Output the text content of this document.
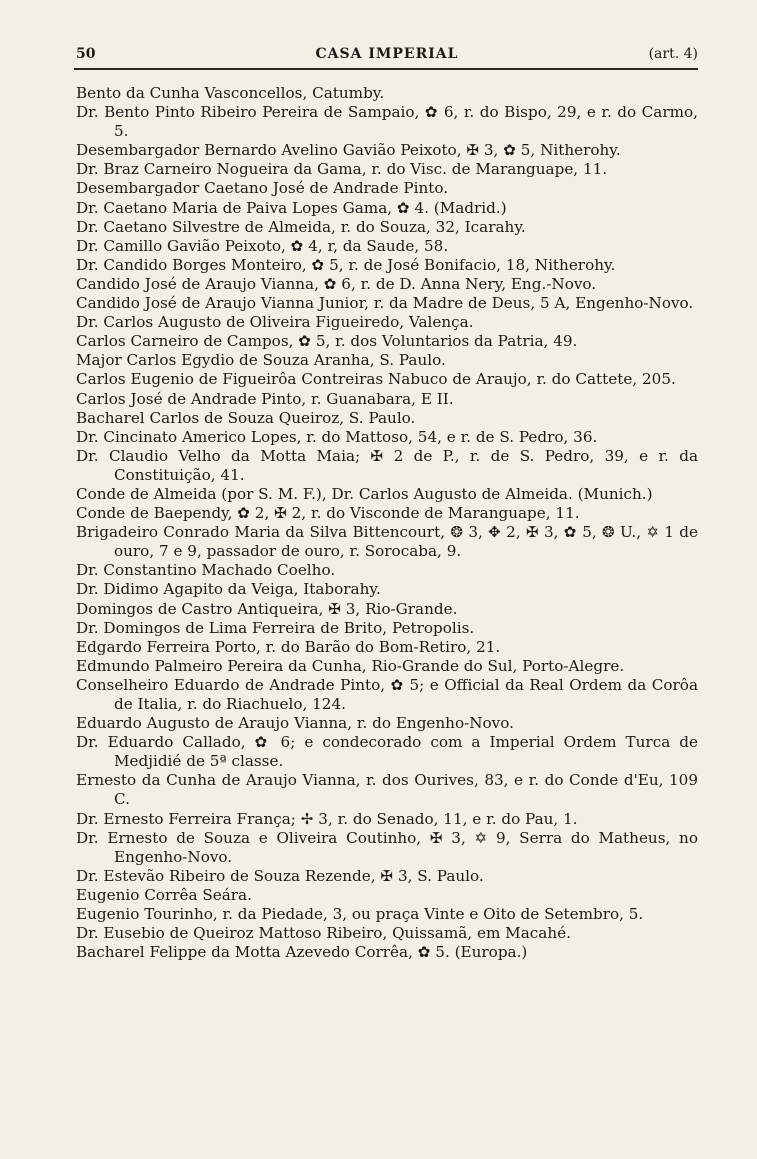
50	CASA IMPERIAL	(art. 4)
Bento da Cunha Vasconcellos, Catumby.
Dr. Bento Pinto Ribeiro Pereira de Sampaio, ✿ 6, r. do Bispo, 29, e r. do Carmo, 5.
Desembargador Bernardo Avelino Gavião Peixoto, ✠ 3, ✿ 5, Nitherohy.
Dr. Braz Carneiro Nogueira da Gama, r. do Visc. de Maranguape, 11.
Desembargador Caetano José de Andrade Pinto.
Dr. Caetano Maria de Paiva Lopes Gama, ✿ 4. (Madrid.)
Dr. Caetano Silvestre de Almeida, r. do Souza, 32, Icarahy.
Dr. Camillo Gavião Peixoto, ✿ 4, r, da Saude, 58.
Dr. Candido Borges Monteiro, ✿ 5, r. de José Bonifacio, 18, Nitherohy.
Candido José de Araujo Vianna, ✿ 6, r. de D. Anna Nery, Eng.-Novo.
Candido José de Araujo Vianna Junior, r. da Madre de Deus, 5 A, Engenho-Novo.
Dr. Carlos Augusto de Oliveira Figueiredo, Valença.
Carlos Carneiro de Campos, ✿ 5, r. dos Voluntarios da Patria, 49.
Major Carlos Egydio de Souza Aranha, S. Paulo.
Carlos Eugenio de Figueirôa Contreiras Nabuco de Araujo, r. do Cattete, 205.
Carlos José de Andrade Pinto, r. Guanabara, E II.
Bacharel Carlos de Souza Queiroz, S. Paulo.
Dr. Cincinato Americo Lopes, r. do Mattoso, 54, e r. de S. Pedro, 36.
Dr. Claudio Velho da Motta Maia; ✠ 2 de P., r. de S. Pedro, 39, e r. da Constituição, 41.
Conde de Almeida (por S. M. F.), Dr. Carlos Augusto de Almeida. (Munich.)
Conde de Baependy, ✿ 2, ✠ 2, r. do Visconde de Maranguape, 11.
Brigadeiro Conrado Maria da Silva Bittencourt, ❂ 3, ✥ 2, ✠ 3, ✿ 5, ❂ U., ✡ 1 de ouro, 7 e 9, passador de ouro, r. Sorocaba, 9.
Dr. Constantino Machado Coelho.
Dr. Didimo Agapito da Veiga, Itaborahy.
Domingos de Castro Antiqueira, ✠ 3, Rio-Grande.
Dr. Domingos de Lima Ferreira de Brito, Petropolis.
Edgardo Ferreira Porto, r. do Barão do Bom-Retiro, 21.
Edmundo Palmeiro Pereira da Cunha, Rio-Grande do Sul, Porto-Alegre.
Conselheiro Eduardo de Andrade Pinto, ✿ 5; e Official da Real Ordem da Corôa de Italia, r. do Riachuelo, 124.
Eduardo Augusto de Araujo Vianna, r. do Engenho-Novo.
Dr. Eduardo Callado, ✿ 6; e condecorado com a Imperial Ordem Turca de Medjidié de 5ª classe.
Ernesto da Cunha de Araujo Vianna, r. dos Ourives, 83, e r. do Conde d'Eu, 109 C.
Dr. Ernesto Ferreira França; ✢ 3, r. do Senado, 11, e r. do Pau, 1.
Dr. Ernesto de Souza e Oliveira Coutinho, ✠ 3, ✡ 9, Serra do Matheus, no Engenho-Novo.
Dr. Estevão Ribeiro de Souza Rezende, ✠ 3, S. Paulo.
Eugenio Corrêa Seára.
Eugenio Tourinho, r. da Piedade, 3, ou praça Vinte e Oito de Setembro, 5.
Dr. Eusebio de Queiroz Mattoso Ribeiro, Quissamã, em Macahé.
Bacharel Felippe da Motta Azevedo Corrêa, ✿ 5. (Europa.)
